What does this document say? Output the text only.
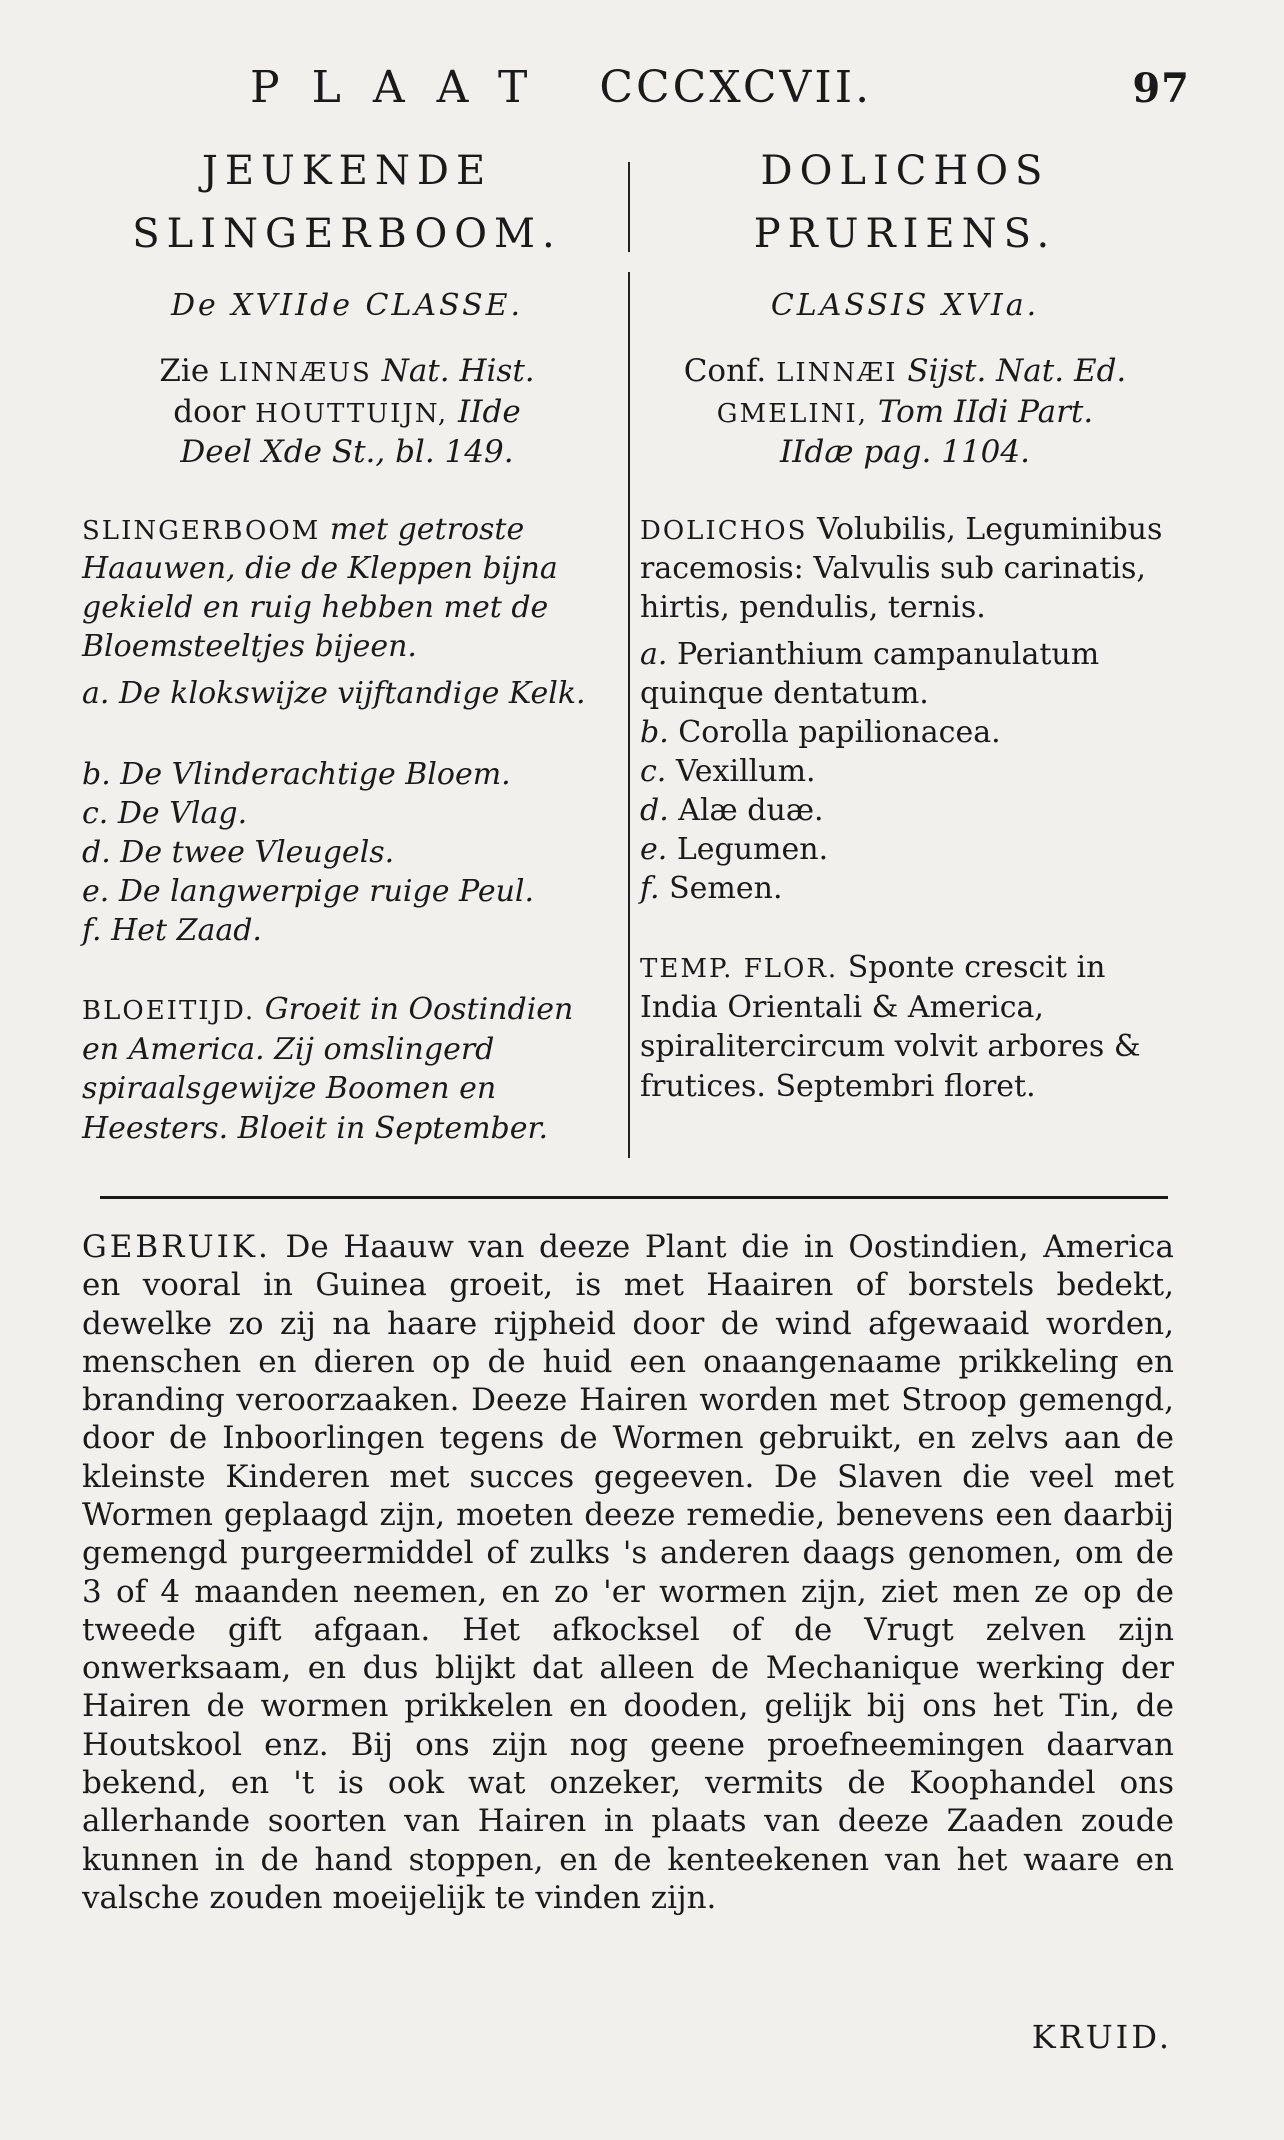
PLAAT CCCXCVII.	97
JEUKENDE
SLINGERBOOM.
De XVIIde CLASSE.
Zie LINNÆUS Nat. Hist.
door HOUTTUIJN, IIde
Deel Xde St., bl. 149.
SLINGERBOOM met getroste Haauwen, die de Kleppen bijna gekield en ruig hebben met de Bloemsteeltjes bijeen.
a. De klokswijze vijftandige Kelk.
b. De Vlinderachtige Bloem.
c. De Vlag.
d. De twee Vleugels.
e. De langwerpige ruige Peul.
f. Het Zaad.
BLOEITIJD. Groeit in Oostindien en America. Zij omslingerd spiraalsgewijze Boomen en Heesters. Bloeit in September.
DOLICHOS
PRURIENS.
CLASSIS XVIa.
Conf. LINNÆI Sijst. Nat. Ed.
GMELINI, Tom IIdi Part.
IIdæ pag. 1104.
DOLICHOS Volubilis, Leguminibus racemosis: Valvulis sub carinatis, hirtis, pendulis, ternis.
a. Perianthium campanulatum quinque dentatum.
b. Corolla papilionacea.
c. Vexillum.
d. Alæ duæ.
e. Legumen.
f. Semen.
TEMP. FLOR. Sponte crescit in India Orientali & America, spiralitercircum volvit arbores & frutices. Septembri floret.
GEBRUIK. De Haauw van deeze Plant die in Oostindien, America en vooral in Guinea groeit, is met Haairen of borstels bedekt, dewelke zo zij na haare rijpheid door de wind afgewaaid worden, menschen en dieren op de huid een onaangenaame prikkeling en branding veroorzaaken. Deeze Hairen worden met Stroop gemengd, door de Inboorlingen tegens de Wormen gebruikt, en zelvs aan de kleinste Kinderen met succes gegeeven. De Slaven die veel met Wormen geplaagd zijn, moeten deeze remedie, benevens een daarbij gemengd purgeermiddel of zulks 's anderen daags genomen, om de 3 of 4 maanden neemen, en zo 'er wormen zijn, ziet men ze op de tweede gift afgaan. Het afkocksel of de Vrugt zelven zijn onwerksaam, en dus blijkt dat alleen de Mechanique werking der Hairen de wormen prikkelen en dooden, gelijk bij ons het Tin, de Houtskool enz. Bij ons zijn nog geene proefneemingen daarvan bekend, en 't is ook wat onzeker, vermits de Koophandel ons allerhande soorten van Hairen in plaats van deeze Zaaden zoude kunnen in de hand stoppen, en de kenteekenen van het waare en valsche zouden moeijelijk te vinden zijn.
KRUID.
